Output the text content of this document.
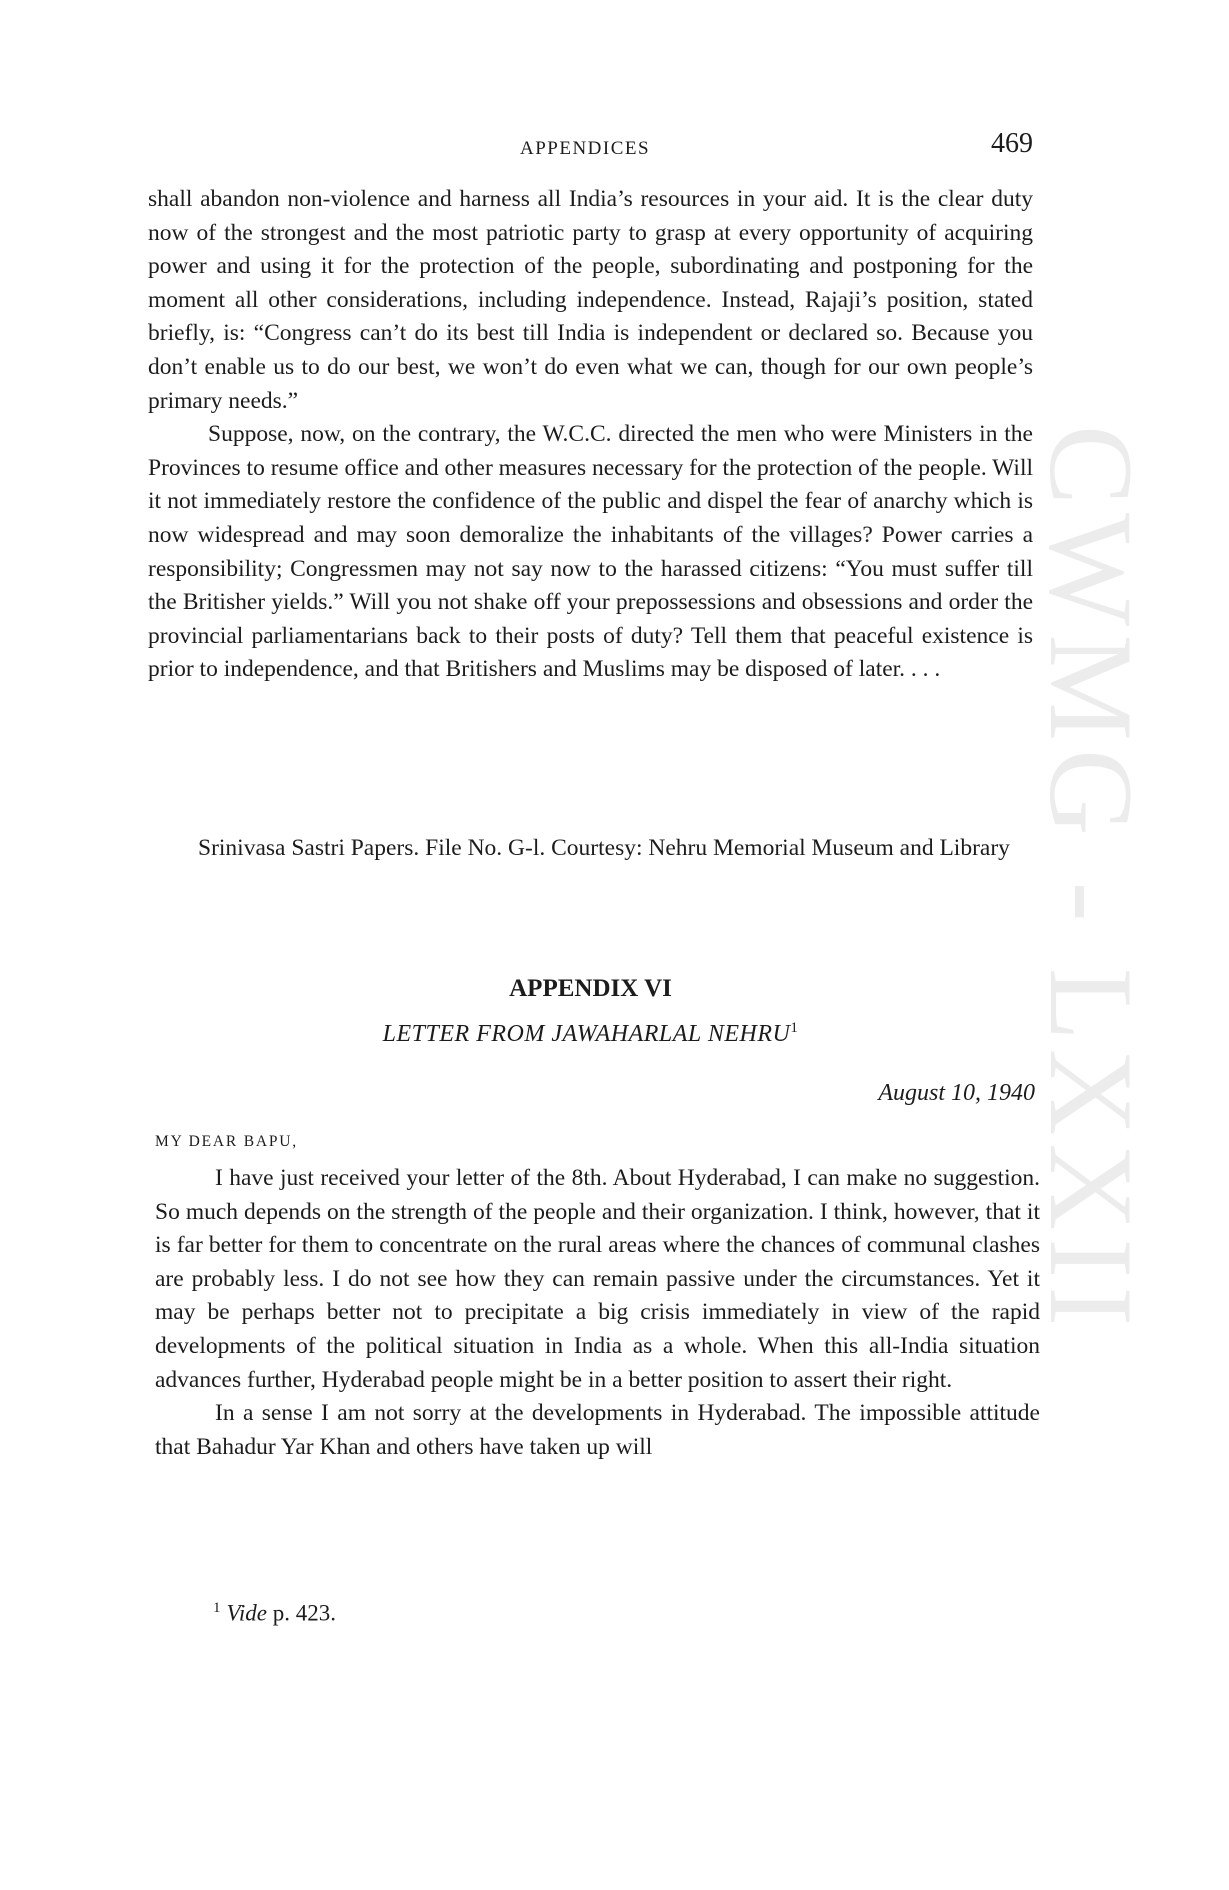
CWMG - LXXII
APPENDICES	469

shall abandon non-violence and harness all India’s resources in your aid. It is the clear duty now of the strongest and the most patriotic party to grasp at every opportunity of acquiring power and using it for the protection of the people, subordinating and postponing for the moment all other considerations, including independence. Instead, Rajaji’s position, stated briefly, is: “Congress can’t do its best till India is independent or declared so. Because you don’t enable us to do our best, we won’t do even what we can, though for our own people’s primary needs.”

Suppose, now, on the contrary, the W.C.C. directed the men who were Ministers in the Provinces to resume office and other measures necessary for the protection of the people. Will it not immediately restore the confidence of the public and dispel the fear of anarchy which is now widespread and may soon demoralize the inhabitants of the villages? Power carries a responsibility; Congressmen may not say now to the harassed citizens: “You must suffer till the Britisher yields.” Will you not shake off your prepossessions and obsessions and order the provincial parliamentarians back to their posts of duty? Tell them that peaceful existence is prior to independence, and that Britishers and Muslims may be disposed of later. . . .

Srinivasa Sastri Papers. File No. G-l. Courtesy: Nehru Memorial Museum and Library
APPENDIX VI
LETTER FROM JAWAHARLAL NEHRU$^1$
August 10, 1940
MY DEAR BAPU,

I have just received your letter of the 8th. About Hyderabad, I can make no suggestion. So much depends on the strength of the people and their organization. I think, however, that it is far better for them to concentrate on the rural areas where the chances of communal clashes are probably less. I do not see how they can remain passive under the circumstances. Yet it may be perhaps better not to precipitate a big crisis immediately in view of the rapid developments of the political situation in India as a whole. When this all-India situation advances further, Hyderabad people might be in a better position to assert their right.

In a sense I am not sorry at the developments in Hyderabad. The impossible attitude that Bahadur Yar Khan and others have taken up will

$^1$ Vide p. 423.
